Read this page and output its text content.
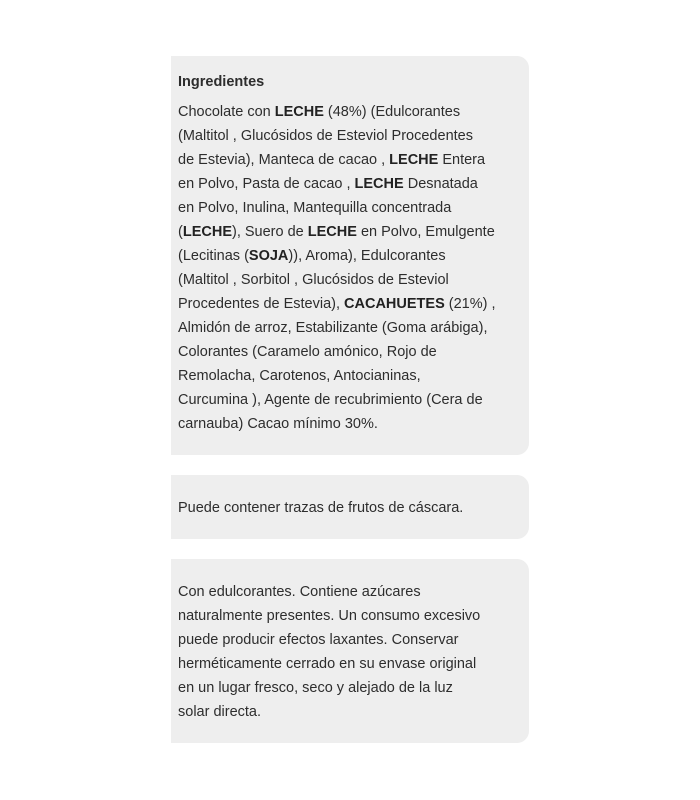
Ingredientes

Chocolate con LECHE (48%) (Edulcorantes
(Maltitol , Glucósidos de Esteviol Procedentes
de Estevia), Manteca de cacao , LECHE Entera
en Polvo, Pasta de cacao , LECHE Desnatada
en Polvo, Inulina, Mantequilla concentrada
(LECHE), Suero de LECHE en Polvo, Emulgente
(Lecitinas (SOJA)), Aroma), Edulcorantes
(Maltitol , Sorbitol , Glucósidos de Esteviol
Procedentes de Estevia), CACAHUETES (21%) ,
Almidón de arroz, Estabilizante (Goma arábiga),
Colorantes (Caramelo amónico, Rojo de
Remolacha, Carotenos, Antocianinas,
Curcumina ), Agente de recubrimiento (Cera de
carnauba) Cacao mínimo 30%.

Puede contener trazas de frutos de cáscara.

Con edulcorantes. Contiene azúcares
naturalmente presentes. Un consumo excesivo
puede producir efectos laxantes. Conservar
herméticamente cerrado en su envase original
en un lugar fresco, seco y alejado de la luz
solar directa.
